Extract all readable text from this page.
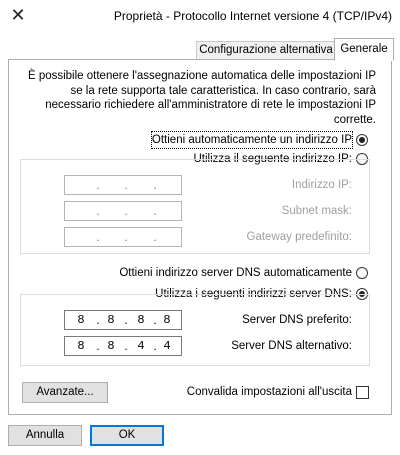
✕	Proprietà - Protocollo Internet versione 4 (TCP/IPv4)
Configurazione alternativa Generale
È possibile ottenere l'assegnazione automatica delle impostazioni IP se la rete supporta tale caratteristica. In caso contrario, sarà necessario richiedere all'amministratore di rete le impostazioni IP corrette.
Ottieni automaticamente un indirizzo IP
Utilizza il seguente indirizzo IP:
. . .	Indirizzo IP:
. . .	Subnet mask:
. . .	Gateway predefinito:
Ottieni indirizzo server DNS automaticamente
Utilizza i seguenti indirizzi server DNS:
8 . 8 . 8 . 8	Server DNS preferito:
8 . 8 . 4 . 4	Server DNS alternativo:
Convalida impostazioni all'uscita
Avanzate...
OK
Annulla
